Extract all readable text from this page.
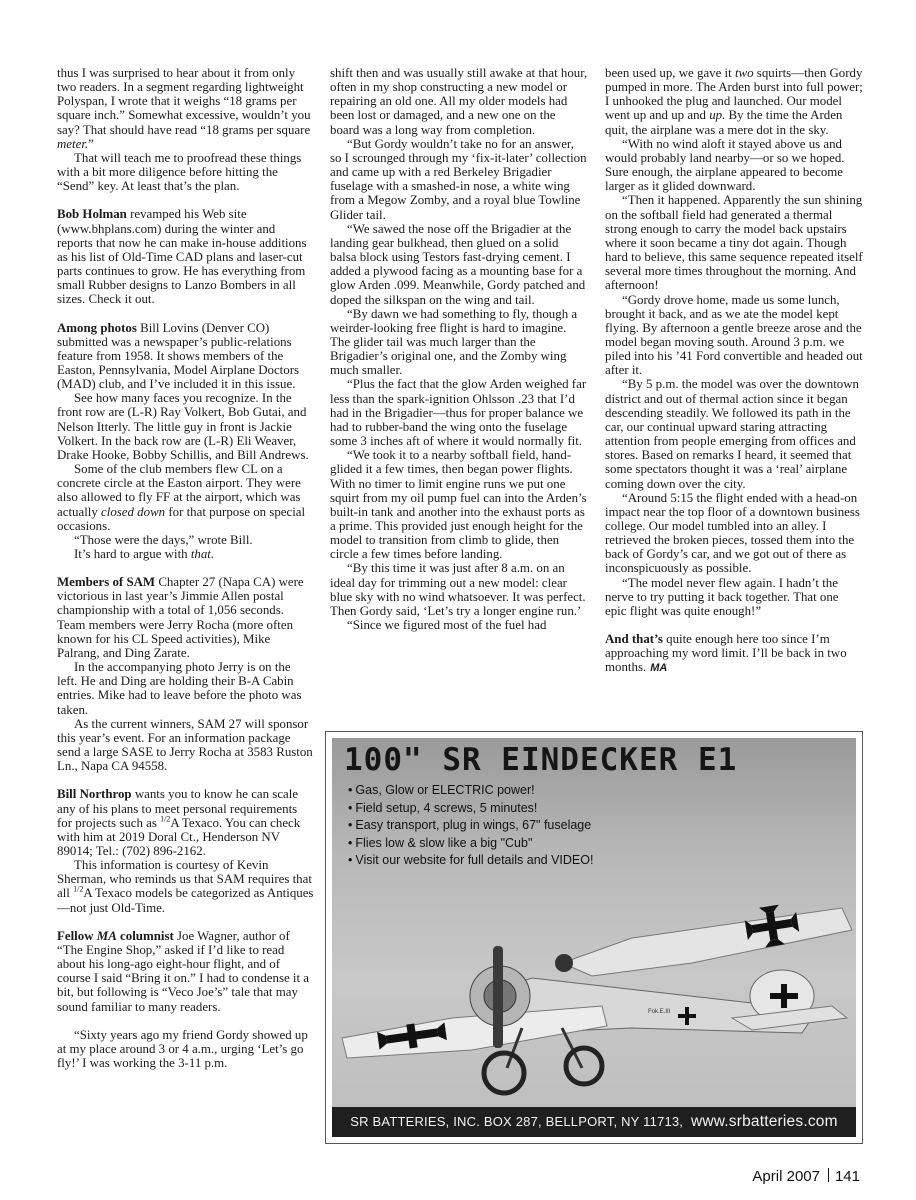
thus I was surprised to hear about it from only two readers. In a segment regarding lightweight Polyspan, I wrote that it weighs “18 grams per square inch.” Somewhat excessive, wouldn’t you say? That should have read “18 grams per square meter.”

That will teach me to proofread these things with a bit more diligence before hitting the “Send” key. At least that’s the plan.

Bob Holman revamped his Web site (www.bhplans.com) during the winter and reports that now he can make in-house additions as his list of Old-Time CAD plans and laser-cut parts continues to grow. He has everything from small Rubber designs to Lanzo Bombers in all sizes. Check it out.

Among photos Bill Lovins (Denver CO) submitted was a newspaper’s public-relations feature from 1958. It shows members of the Easton, Pennsylvania, Model Airplane Doctors (MAD) club, and I’ve included it in this issue.

See how many faces you recognize. In the front row are (L-R) Ray Volkert, Bob Gutai, and Nelson Itterly. The little guy in front is Jackie Volkert. In the back row are (L-R) Eli Weaver, Drake Hooke, Bobby Schillis, and Bill Andrews.

Some of the club members flew CL on a concrete circle at the Easton airport. They were also allowed to fly FF at the airport, which was actually closed down for that purpose on special occasions.

“Those were the days,” wrote Bill.

It’s hard to argue with that.

Members of SAM Chapter 27 (Napa CA) were victorious in last year’s Jimmie Allen postal championship with a total of 1,056 seconds. Team members were Jerry Rocha (more often known for his CL Speed activities), Mike Palrang, and Ding Zarate.

In the accompanying photo Jerry is on the left. He and Ding are holding their B-A Cabin entries. Mike had to leave before the photo was taken.

As the current winners, SAM 27 will sponsor this year’s event. For an information package send a large SASE to Jerry Rocha at 3583 Ruston Ln., Napa CA 94558.

Bill Northrop wants you to know he can scale any of his plans to meet personal requirements for projects such as $^{1/2}$A Texaco. You can check with him at 2019 Doral Ct., Henderson NV 89014; Tel.: (702) 896-2162.

This information is courtesy of Kevin Sherman, who reminds us that SAM requires that all $^{1/2}$A Texaco models be categorized as Antiques—not just Old-Time.

Fellow MA columnist Joe Wagner, author of “The Engine Shop,” asked if I’d like to read about his long-ago eight-hour flight, and of course I said “Bring it on.” I had to condense it a bit, but following is “Veco Joe’s” tale that may sound familiar to many readers.

“Sixty years ago my friend Gordy showed up at my place around 3 or 4 a.m., urging ‘Let’s go fly!’ I was working the 3-11 p.m.

shift then and was usually still awake at that hour, often in my shop constructing a new model or repairing an old one. All my older models had been lost or damaged, and a new one on the board was a long way from completion.

“But Gordy wouldn’t take no for an answer, so I scrounged through my ‘fix-it-later’ collection and came up with a red Berkeley Brigadier fuselage with a smashed-in nose, a white wing from a Megow Zomby, and a royal blue Towline Glider tail.

“We sawed the nose off the Brigadier at the landing gear bulkhead, then glued on a solid balsa block using Testors fast-drying cement. I added a plywood facing as a mounting base for a glow Arden .099. Meanwhile, Gordy patched and doped the silkspan on the wing and tail.

“By dawn we had something to fly, though a weirder-looking free flight is hard to imagine. The glider tail was much larger than the Brigadier’s original one, and the Zomby wing much smaller.

“Plus the fact that the glow Arden weighed far less than the spark-ignition Ohlsson .23 that I’d had in the Brigadier—thus for proper balance we had to rubber-band the wing onto the fuselage some 3 inches aft of where it would normally fit.

“We took it to a nearby softball field, hand-glided it a few times, then began power flights. With no timer to limit engine runs we put one squirt from my oil pump fuel can into the Arden’s built-in tank and another into the exhaust ports as a prime. This provided just enough height for the model to transition from climb to glide, then circle a few times before landing.

“By this time it was just after 8 a.m. on an ideal day for trimming out a new model: clear blue sky with no wind whatsoever. It was perfect. Then Gordy said, ‘Let’s try a longer engine run.’

“Since we figured most of the fuel had

been used up, we gave it two squirts—then Gordy pumped in more. The Arden burst into full power; I unhooked the plug and launched. Our model went up and up and up. By the time the Arden quit, the airplane was a mere dot in the sky.

“With no wind aloft it stayed above us and would probably land nearby—or so we hoped. Sure enough, the airplane appeared to become larger as it glided downward.

“Then it happened. Apparently the sun shining on the softball field had generated a thermal strong enough to carry the model back upstairs where it soon became a tiny dot again. Though hard to believe, this same sequence repeated itself several more times throughout the morning. And afternoon!

“Gordy drove home, made us some lunch, brought it back, and as we ate the model kept flying. By afternoon a gentle breeze arose and the model began moving south. Around 3 p.m. we piled into his ’41 Ford convertible and headed out after it.

“By 5 p.m. the model was over the downtown district and out of thermal action since it began descending steadily. We followed its path in the car, our continual upward staring attracting attention from people emerging from offices and stores. Based on remarks I heard, it seemed that some spectators thought it was a ‘real’ airplane coming down over the city.

“Around 5:15 the flight ended with a head-on impact near the top floor of a downtown business college. Our model tumbled into an alley. I retrieved the broken pieces, tossed them into the back of Gordy’s car, and we got out of there as inconspicuously as possible.

“The model never flew again. I hadn’t the nerve to try putting it back together. That one epic flight was quite enough!”

And that’s quite enough here too since I’m approaching my word limit. I’ll be back in two months. MA

100" SR EINDECKER E1
• Gas, Glow or ELECTRIC power!
• Field setup, 4 screws, 5 minutes!
• Easy transport, plug in wings, 67" fuselage
• Flies low & slow like a big "Cub"
• Visit our website for full details and VIDEO!
Fok.E.III
SR BATTERIES, INC. BOX 287, BELLPORT, NY 11713, www.srbatteries.com
April 2007 141
